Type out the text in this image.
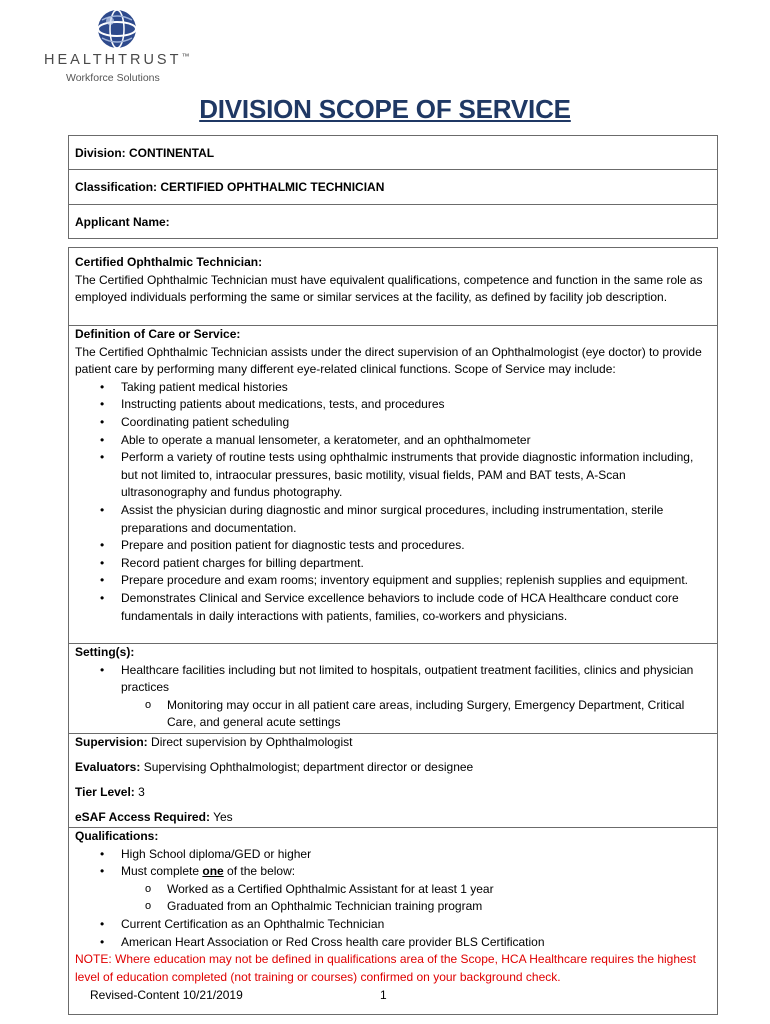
HEALTHTRUST™
Workforce Solutions
DIVISION SCOPE OF SERVICE
Division: CONTINENTAL
Classification: CERTIFIED OPHTHALMIC TECHNICIAN
Applicant Name:
Certified Ophthalmic Technician:

The Certified Ophthalmic Technician must have equivalent qualifications, competence and function in the same role as employed individuals performing the same or similar services at the facility, as defined by facility job description.

Definition of Care or Service:

The Certified Ophthalmic Technician assists under the direct supervision of an Ophthalmologist (eye doctor) to provide patient care by performing many different eye-related clinical functions. Scope of Service may include:

• Taking patient medical histories
• Instructing patients about medications, tests, and procedures
• Coordinating patient scheduling
• Able to operate a manual lensometer, a keratometer, and an ophthalmometer
• Perform a variety of routine tests using ophthalmic instruments that provide diagnostic information including, but not limited to, intraocular pressures, basic motility, visual fields, PAM and BAT tests, A-Scan ultrasonography and fundus photography.
• Assist the physician during diagnostic and minor surgical procedures, including instrumentation, sterile preparations and documentation.
• Prepare and position patient for diagnostic tests and procedures.
• Record patient charges for billing department.
• Prepare procedure and exam rooms; inventory equipment and supplies; replenish supplies and equipment.
• Demonstrates Clinical and Service excellence behaviors to include code of HCA Healthcare conduct core fundamentals in daily interactions with patients, families, co-workers and physicians.
Setting(s):
• Healthcare facilities including but not limited to hospitals, outpatient treatment facilities, clinics and physician practices
o Monitoring may occur in all patient care areas, including Surgery, Emergency Department, Critical Care, and general acute settings

Supervision: Direct supervision by Ophthalmologist

Evaluators: Supervising Ophthalmologist; department director or designee

Tier Level: 3

eSAF Access Required: Yes

Qualifications:
• High School diploma/GED or higher
• Must complete one of the below:
o Worked as a Certified Ophthalmic Assistant for at least 1 year
o Graduated from an Ophthalmic Technician training program
• Current Certification as an Ophthalmic Technician
• American Heart Association or Red Cross health care provider BLS Certification

NOTE: Where education may not be defined in qualifications area of the Scope, HCA Healthcare requires the highest level of education completed (not training or courses) confirmed on your background check.

Revised-Content 10/21/2019	1
